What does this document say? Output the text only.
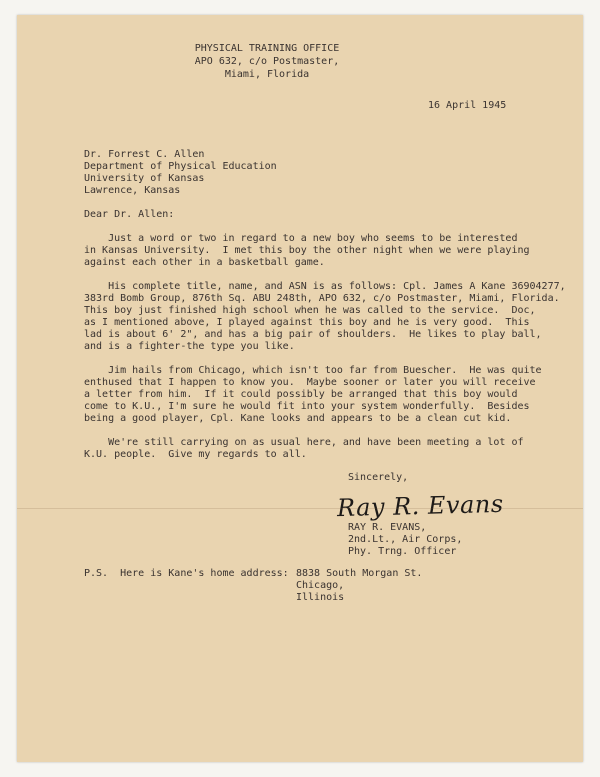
PHYSICAL TRAINING OFFICE
APO 632, c/o Postmaster,
Miami, Florida
16 April 1945
Dr. Forrest C. Allen
Department of Physical Education
University of Kansas
Lawrence, Kansas
Dear Dr. Allen:
Just a word or two in regard to a new boy who seems to be interested
in Kansas University.  I met this boy the other night when we were playing
against each other in a basketball game.
His complete title, name, and ASN is as follows: Cpl. James A Kane 36904277,
383rd Bomb Group, 876th Sq. ABU 248th, APO 632, c/o Postmaster, Miami, Florida.
This boy just finished high school when he was called to the service.  Doc,
as I mentioned above, I played against this boy and he is very good.  This
lad is about 6' 2", and has a big pair of shoulders.  He likes to play ball,
and is a fighter-the type you like.
Jim hails from Chicago, which isn't too far from Buescher.  He was quite
enthused that I happen to know you.  Maybe sooner or later you will receive
a letter from him.  If it could possibly be arranged that this boy would
come to K.U., I'm sure he would fit into your system wonderfully.  Besides
being a good player, Cpl. Kane looks and appears to be a clean cut kid.
We're still carrying on as usual here, and have been meeting a lot of
K.U. people.  Give my regards to all.
Sincerely,
Ray R. Evans
RAY R. EVANS,
2nd.Lt., Air Corps,
Phy. Trng. Officer
P.S.  Here is Kane's home address: 8838 South Morgan St.
Chicago,
Illinois
